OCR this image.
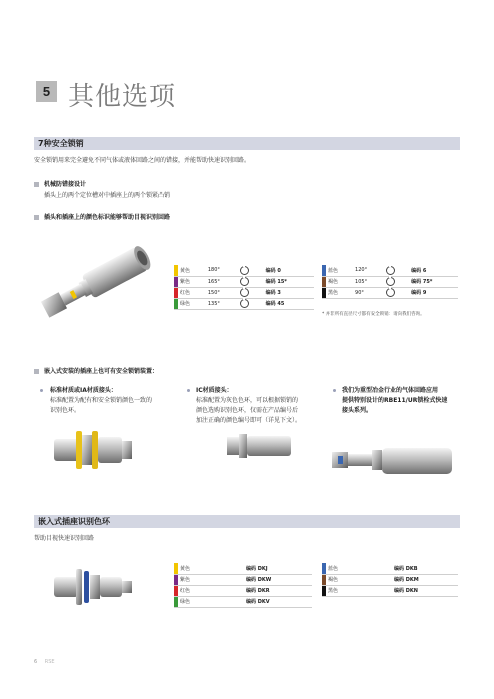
5 其他选项
7种安全锁销
安全锁销用来完全避免不同气体或液体回路之间的错接，并能帮助快速识别回路。
机械防错接设计
插头上的两个定位槽对中插座上的两个锁紧凸销
插头和插座上的颜色标识能够帮助目视识别回路
	黄色	180°		编码 0
	紫色	165°		编码 15*
	红色	150°		编码 3
	绿色	135°		编码 45
	蓝色	120°		编码 6
	褐色	105°		编码 75*
	黑色	90°		编码 9
* 并非所有直径尺寸都有安全锁销：请向我们咨询。
嵌入式安装的插座上也可有安全锁销装置：
标准材质或IA材质接头：
标准配置为配有和安全锁销颜色一致的
识别色环。
IC材质接头：
标准配置为灰色色环，可以根据锁销的
颜色选购识别色环，仅需在产品编号后
加注正确的颜色编号即可（详见下文）。
我们为重型冶金行业的气体回路应用
提供特别设计的RBE11/UR锁栓式快速
接头系列。
嵌入式插座识别色环
帮助目视快速识别回路
	黄色	编码 DKJ
	紫色	编码 DKW
	红色	编码 DKR
	绿色	编码 DKV
	蓝色	编码 DKB
	褐色	编码 DKM
	黑色	编码 DKN
6 RSE
